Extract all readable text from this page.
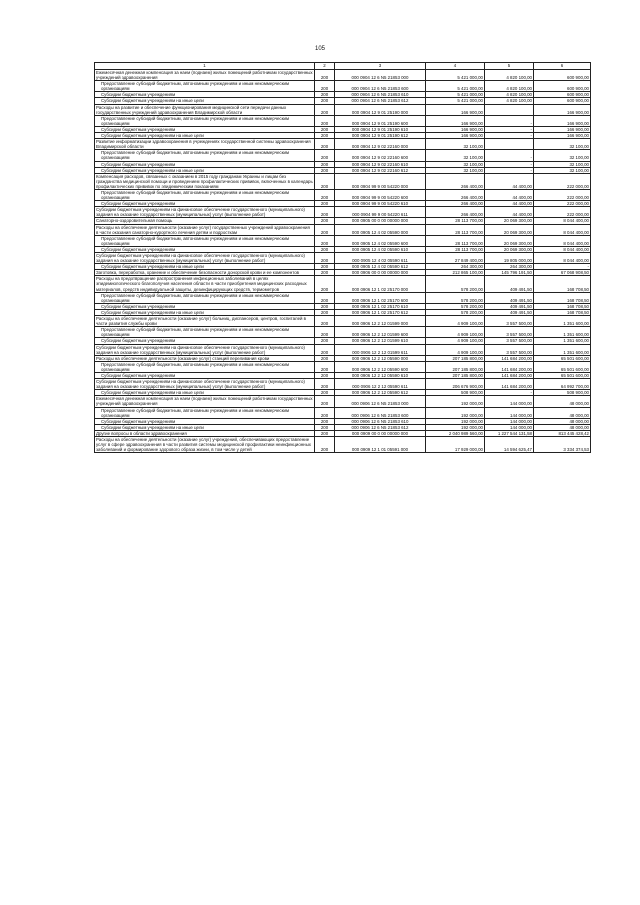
105
1	2	3	4	5	6
Ежемесячная денежная компенсация за наем (поднаем) жилых помещений работникам государственных учреждений здравоохранения	200	000 0904 12 6 N5 21853 000	5 421 000,00	4 820 100,00	600 900,00
Предоставление субсидий бюджетным, автономным учреждениям и иным некоммерческим организациям	200	000 0904 12 6 N5 21853 600	5 421 000,00	4 820 100,00	600 900,00
Субсидии бюджетным учреждениям	200	000 0904 12 6 N5 21853 610	5 421 000,00	4 820 100,00	600 900,00
Субсидии бюджетным учреждениям на иные цели	200	000 0904 12 6 N5 21853 612	5 421 000,00	4 820 100,00	600 900,00
Расходы на развитие и обеспечение функционирования медицинской сети передачи данных государственных учреждений здравоохранения Владимирской области	200	000 0904 12 9 01 25190 000	166 900,00		166 900,00
Предоставление субсидий бюджетным, автономным учреждениям и иным некоммерческим организациям	200	000 0904 12 9 01 25190 600	166 900,00	-	166 900,00
Субсидии бюджетным учреждениям	200	000 0904 12 9 01 25190 610	166 900,00	-	166 900,00
Субсидии бюджетным учреждениям на иные цели	200	000 0904 12 9 01 25190 612	166 900,00	-	166 900,00
Развитие информатизации здравоохранения в учреждениях государственной системы здравоохранения Владимирской области	200	000 0904 12 9 02 22160 000	32 100,00		32 100,00
Предоставление субсидий бюджетным, автономным учреждениям и иным некоммерческим организациям	200	000 0904 12 9 02 22160 600	32 100,00	-	32 100,00
Субсидии бюджетным учреждениям	200	000 0904 12 9 02 22160 610	32 100,00	-	32 100,00
Субсидии бюджетным учреждениям на иные цели	200	000 0904 12 9 02 22160 612	32 100,00	-	32 100,00
Компенсация расходов, связанных с оказанием в 2015 году гражданам Украины и лицам без гражданства медицинской помощи и проведением профилактических прививок, включенных в календарь профилактических прививок по эпидемическим показаниям	200	000 0904 99 9 00 54220 000	266 400,00	44 400,00	222 000,00
Предоставление субсидий бюджетным, автономным учреждениям и иным некоммерческим организациям	200	000 0904 99 9 00 54220 600	266 400,00	44 400,00	222 000,00
Субсидии бюджетным учреждениям	200	000 0904 99 9 00 54220 610	266 400,00	44 400,00	222 000,00
Субсидии бюджетным учреждениям на финансовое обеспечение государственного (муниципального) задания на оказание государственных (муниципальных) услуг (выполнение работ)	200	000 0904 99 9 00 54220 611	266 400,00	44 400,00	222 000,00
Санаторно-оздоровительная помощь	200	000 0905 00 0 00 00000 000	28 113 700,00	20 069 300,00	8 044 400,00
Расходы на обеспечение деятельности (оказание услуг) государственных учреждений здравоохранения в части оказания санаторно-курортного лечения детям и подросткам	200	000 0905 12 4 02 05590 000	28 113 700,00	20 069 300,00	8 044 400,00
Предоставление субсидий бюджетным, автономным учреждениям и иным некоммерческим организациям	200	000 0905 12 4 02 05590 600	28 113 700,00	20 069 300,00	8 044 400,00
Субсидии бюджетным учреждениям	200	000 0905 12 4 02 05590 610	28 113 700,00	20 069 300,00	8 044 400,00
Субсидии бюджетным учреждениям на финансовое обеспечение государственного (муниципального) задания на оказание государственных (муниципальных) услуг (выполнение работ)	200	000 0905 12 4 02 05590 611	27 849 400,00	19 805 000,00	8 044 400,00
Субсидии бюджетным учреждениям на иные цели	200	000 0905 12 4 02 05590 612	264 300,00	264 300,00	-
Заготовка, переработка, хранение и обеспечение безопасности донорской крови и ее компонентов	200	000 0906 00 0 00 00000 000	212 865 100,00	145 796 191,50	67 068 908,50
Расходы на предотвращение распространения инфекционных заболеваний в целях эпидемиологического благополучия населения области в части приобретения медицинских расходных материалов, средств индивидуальной защиты, дезинфицирующих средств, термометров	200	000 0906 12 1 02 25170 000	578 200,00	409 491,50	168 708,50
Предоставление субсидий бюджетным, автономным учреждениям и иным некоммерческим организациям	200	000 0906 12 1 02 25170 600	578 200,00	409 491,50	168 708,50
Субсидии бюджетным учреждениям	200	000 0906 12 1 02 25170 610	578 200,00	409 491,50	168 708,50
Субсидии бюджетным учреждениям на иные цели	200	000 0906 12 1 02 25170 612	578 200,00	409 491,50	168 708,50
Расходы на обеспечение деятельности (оказание услуг) больниц, диспансеров, центров, госпиталей в части развития службы крови	200	000 0906 12 2 12 01599 000	4 909 100,00	3 557 500,00	1 351 600,00
Предоставление субсидий бюджетным, автономным учреждениям и иным некоммерческим организациям	200	000 0906 12 2 12 01599 600	4 909 100,00	3 557 500,00	1 351 600,00
Субсидии бюджетным учреждениям	200	000 0906 12 2 12 01599 610	4 909 100,00	3 557 500,00	1 351 600,00
Субсидии бюджетным учреждениям на финансовое обеспечение государственного (муниципального) задания на оказание государственных (муниципальных) услуг (выполнение работ)	200	000 0906 12 2 12 01599 611	4 909 100,00	3 557 500,00	1 351 600,00
Расходы на обеспечение деятельности (оказание услуг) станций переливания крови	200	000 0906 12 2 12 05590 000	207 185 800,00	141 684 200,00	65 501 600,00
Предоставление субсидий бюджетным, автономным учреждениям и иным некоммерческим организациям	200	000 0906 12 2 12 05590 600	207 185 800,00	141 684 200,00	65 501 600,00
Субсидии бюджетным учреждениям	200	000 0906 12 2 12 05590 610	207 185 800,00	141 684 200,00	65 501 600,00
Субсидии бюджетным учреждениям на финансовое обеспечение государственного (муниципального) задания на оказание государственных (муниципальных) услуг (выполнение работ)	200	000 0906 12 2 12 05590 611	206 676 900,00	141 684 200,00	64 992 700,00
Субсидии бюджетным учреждениям на иные цели	200	000 0906 12 2 12 05590 612	508 900,00	-	508 900,00
Ежемесячная денежная компенсация за наем (поднаем) жилых помещений работникам государственных учреждений здравоохранения	200	000 0906 12 6 N5 21853 000	192 000,00	144 000,00	48 000,00
Предоставление субсидий бюджетным, автономным учреждениям и иным некоммерческим организациям	200	000 0906 12 6 N5 21853 600	192 000,00	144 000,00	48 000,00
Субсидии бюджетным учреждениям	200	000 0906 12 6 N5 21853 610	192 000,00	144 000,00	48 000,00
Субсидии бюджетным учреждениям на иные цели	200	000 0906 12 6 N5 21853 612	192 000,00	144 000,00	48 000,00
Другие вопросы в области здравоохранения	200	000 0909 00 0 00 00000 000	2 040 989 560,00	1 227 544 131,58	813 445 428,42
Расходы на обеспечение деятельности (оказание услуг) учреждений, обеспечивающих предоставление услуг в сфере здравоохранения в части развития системы медицинской профилактики неинфекционных заболеваний и формирование здорового образа жизни, в том числе у детей	200	000 0909 12 1 01 05591 000	17 929 000,00	14 594 625,47	3 334 374,53
